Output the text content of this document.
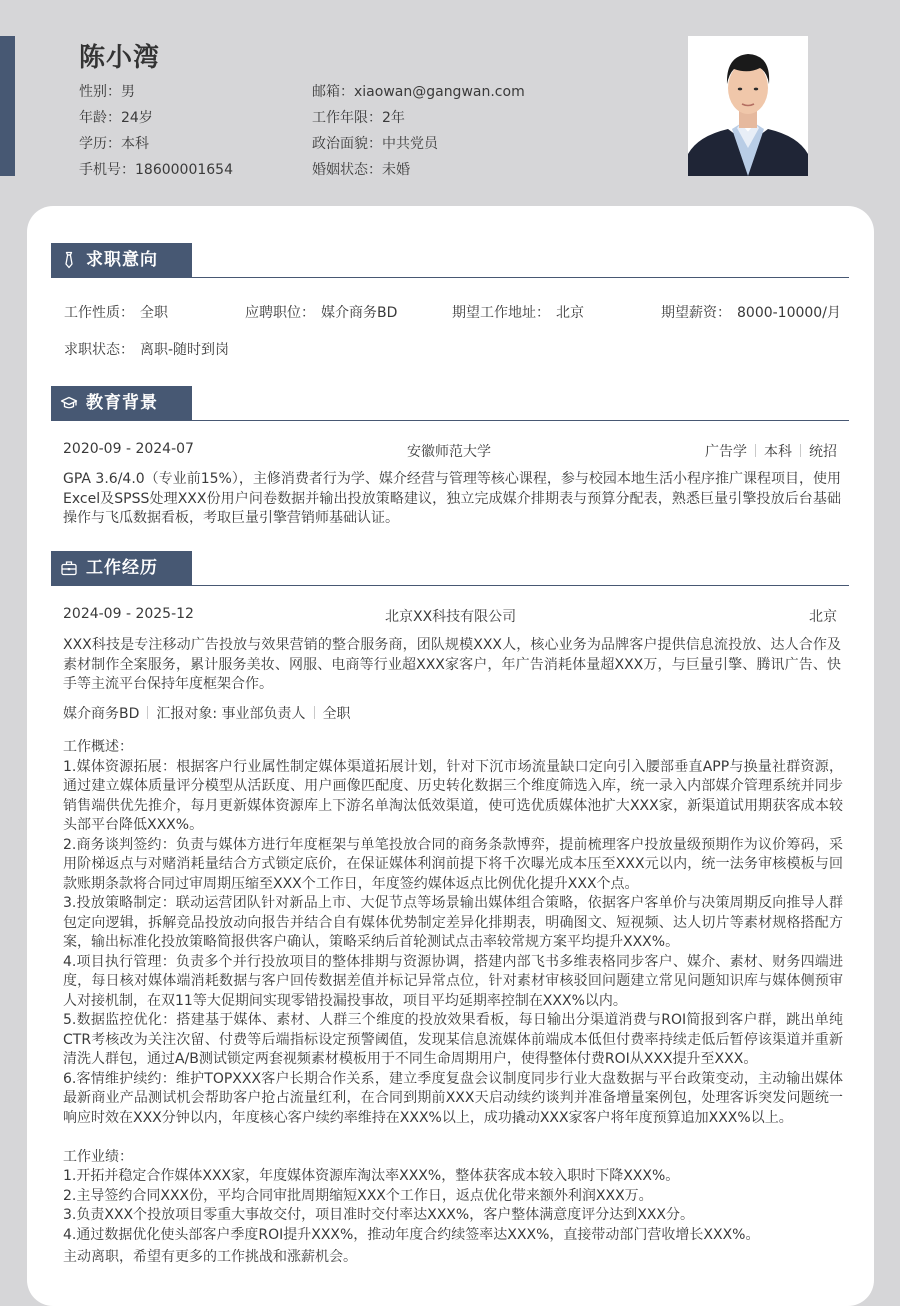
陈小湾
性别：男
年龄：24岁
学历：本科
手机号：18600001654
邮箱：xiaowan@gangwan.com
工作年限：2年
政治面貌：中共党员
婚姻状态：未婚
求职意向
工作性质： 全职	应聘职位： 媒介商务BD	期望工作地址： 北京	期望薪资： 8000-10000/月
求职状态： 离职-随时到岗
教育背景
2020-09 - 2024-07	安徽师范大学	广告学 本科 统招
GPA 3.6/4.0（专业前15%），主修消费者行为学、媒介经营与管理等核心课程，参与校园本地生活小程序推广课程项目，使用Excel及SPSS处理XXX份用户问卷数据并输出投放策略建议，独立完成媒介排期表与预算分配表，熟悉巨量引擎投放后台基础操作与飞瓜数据看板，考取巨量引擎营销师基础认证。
工作经历
2024-09 - 2025-12	北京XX科技有限公司	北京
XXX科技是专注移动广告投放与效果营销的整合服务商，团队规模XXX人，核心业务为品牌客户提供信息流投放、达人合作及素材制作全案服务，累计服务美妆、网服、电商等行业超XXX家客户，年广告消耗体量超XXX万，与巨量引擎、腾讯广告、快手等主流平台保持年度框架合作。
媒介商务BD 汇报对象: 事业部负责人 全职
工作概述：
1.媒体资源拓展：根据客户行业属性制定媒体渠道拓展计划，针对下沉市场流量缺口定向引入腰部垂直APP与换量社群资源，通过建立媒体质量评分模型从活跃度、用户画像匹配度、历史转化数据三个维度筛选入库，统一录入内部媒介管理系统并同步销售端供优先推介，每月更新媒体资源库上下游名单淘汰低效渠道，使可选优质媒体池扩大XXX家，新渠道试用期获客成本较头部平台降低XXX%。
2.商务谈判签约：负责与媒体方进行年度框架与单笔投放合同的商务条款博弈，提前梳理客户投放量级预期作为议价筹码，采用阶梯返点与对赌消耗量结合方式锁定底价，在保证媒体利润前提下将千次曝光成本压至XXX元以内，统一法务审核模板与回款账期条款将合同过审周期压缩至XXX个工作日，年度签约媒体返点比例优化提升XXX个点。
3.投放策略制定：联动运营团队针对新品上市、大促节点等场景输出媒体组合策略，依据客户客单价与决策周期反向推导人群包定向逻辑，拆解竞品投放动向报告并结合自有媒体优势制定差异化排期表，明确图文、短视频、达人切片等素材规格搭配方案，输出标准化投放策略简报供客户确认，策略采纳后首轮测试点击率较常规方案平均提升XXX%。
4.项目执行管理：负责多个并行投放项目的整体排期与资源协调，搭建内部飞书多维表格同步客户、媒介、素材、财务四端进度，每日核对媒体端消耗数据与客户回传数据差值并标记异常点位，针对素材审核驳回问题建立常见问题知识库与媒体侧预审人对接机制，在双11等大促期间实现零错投漏投事故，项目平均延期率控制在XXX%以内。
5.数据监控优化：搭建基于媒体、素材、人群三个维度的投放效果看板，每日输出分渠道消费与ROI简报到客户群，跳出单纯CTR考核改为关注次留、付费等后端指标设定预警阈值，发现某信息流媒体前端成本低但付费率持续走低后暂停该渠道并重新清洗人群包，通过A/B测试锁定两套视频素材模板用于不同生命周期用户，使得整体付费ROI从XXX提升至XXX。
6.客情维护续约：维护TOPXXX客户长期合作关系，建立季度复盘会议制度同步行业大盘数据与平台政策变动，主动输出媒体最新商业产品测试机会帮助客户抢占流量红利，在合同到期前XXX天启动续约谈判并准备增量案例包，处理客诉突发问题统一响应时效在XXX分钟以内，年度核心客户续约率维持在XXX%以上，成功撬动XXX家客户将年度预算追加XXX%以上。
工作业绩：
1.开拓并稳定合作媒体XXX家，年度媒体资源库淘汰率XXX%，整体获客成本较入职时下降XXX%。
2.主导签约合同XXX份，平均合同审批周期缩短XXX个工作日，返点优化带来额外利润XXX万。
3.负责XXX个投放项目零重大事故交付，项目准时交付率达XXX%，客户整体满意度评分达到XXX分。
4.通过数据优化使头部客户季度ROI提升XXX%，推动年度合约续签率达XXX%，直接带动部门营收增长XXX%。
主动离职，希望有更多的工作挑战和涨薪机会。
